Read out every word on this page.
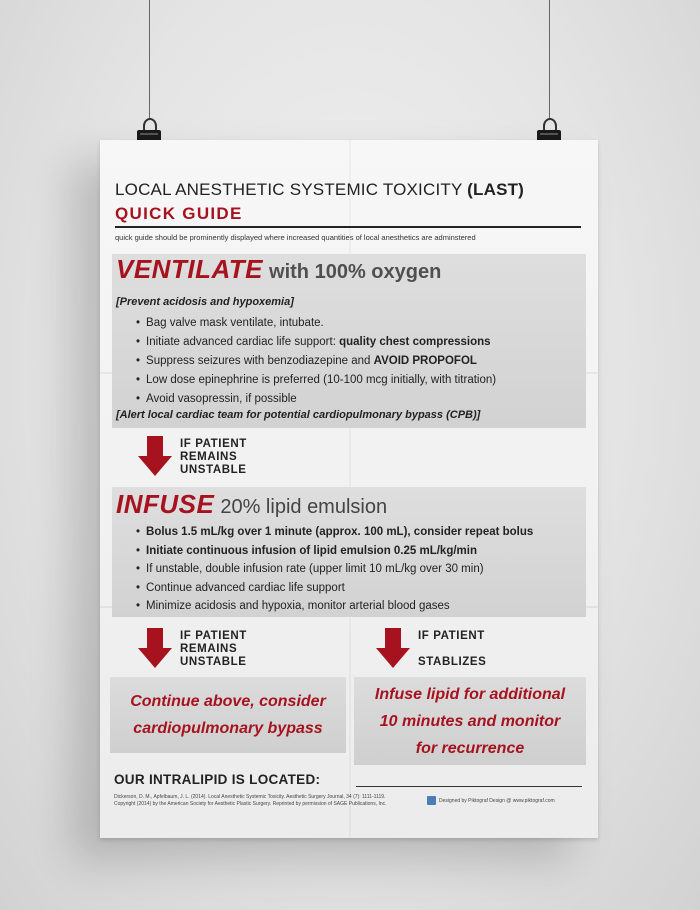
LOCAL ANESTHETIC SYSTEMIC TOXICITY (LAST)
QUICK GUIDE
quick guide should be prominently displayed where increased quantities of local anesthetics are adminstered
VENTILATE with 100% oxygen
[Prevent acidosis and hypoxemia]
• Bag valve mask ventilate, intubate.
• Initiate advanced cardiac life support: quality chest compressions
• Suppress seizures with benzodiazepine and AVOID PROPOFOL
• Low dose epinephrine is preferred (10-100 mcg initially, with titration)
• Avoid vasopressin, if possible
[Alert local cardiac team for potential cardiopulmonary bypass (CPB)]
IF PATIENT
REMAINS
UNSTABLE
INFUSE 20% lipid emulsion
• Bolus 1.5 mL/kg over 1 minute (approx. 100 mL), consider repeat bolus
• Initiate continuous infusion of lipid emulsion 0.25 mL/kg/min
• If unstable, double infusion rate (upper limit 10 mL/kg over 30 min)
• Continue advanced cardiac life support
• Minimize acidosis and hypoxia, monitor arterial blood gases
IF PATIENT
REMAINS
UNSTABLE
IF PATIENT
STABLIZES
Continue above, consider
cardiopulmonary bypass
Infuse lipid for additional
10 minutes and monitor
for recurrence
OUR INTRALIPID IS LOCATED:
Dickerson, D. M., Apfelbaum, J. L. (2014). Local Anesthetic Systemic Toxicity. Aesthetic Surgery Journal, 34 (7): 1111-1119.
Copyright (2014) by the American Society for Aesthetic Plastic Surgery. Reprinted by permission of SAGE Publications, Inc.
Designed by Piktograf Design @ www.piktograf.com
